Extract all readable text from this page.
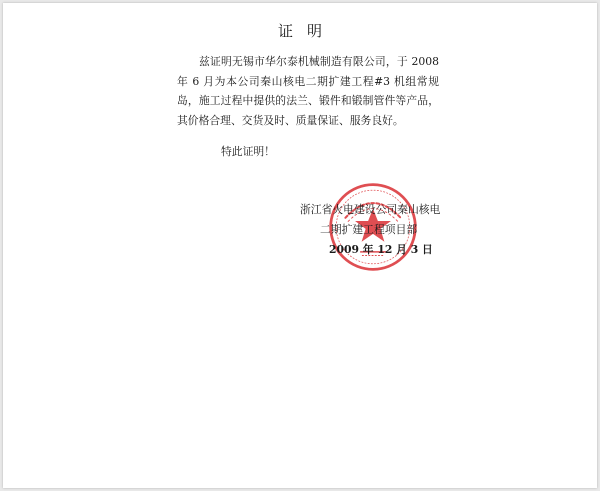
证明

兹证明无锡市华尔泰机械制造有限公司，于 2008 年 6 月为本公司秦山核电二期扩建工程#3 机组常规岛，施工过程中提供的法兰、锻件和锻制管件等产品，其价格合理、交货及时、质量保证、服务良好。

特此证明！

浙江省火电建设公司秦山核电

二期扩建工程项目部

2009 年 12 月 3 日
